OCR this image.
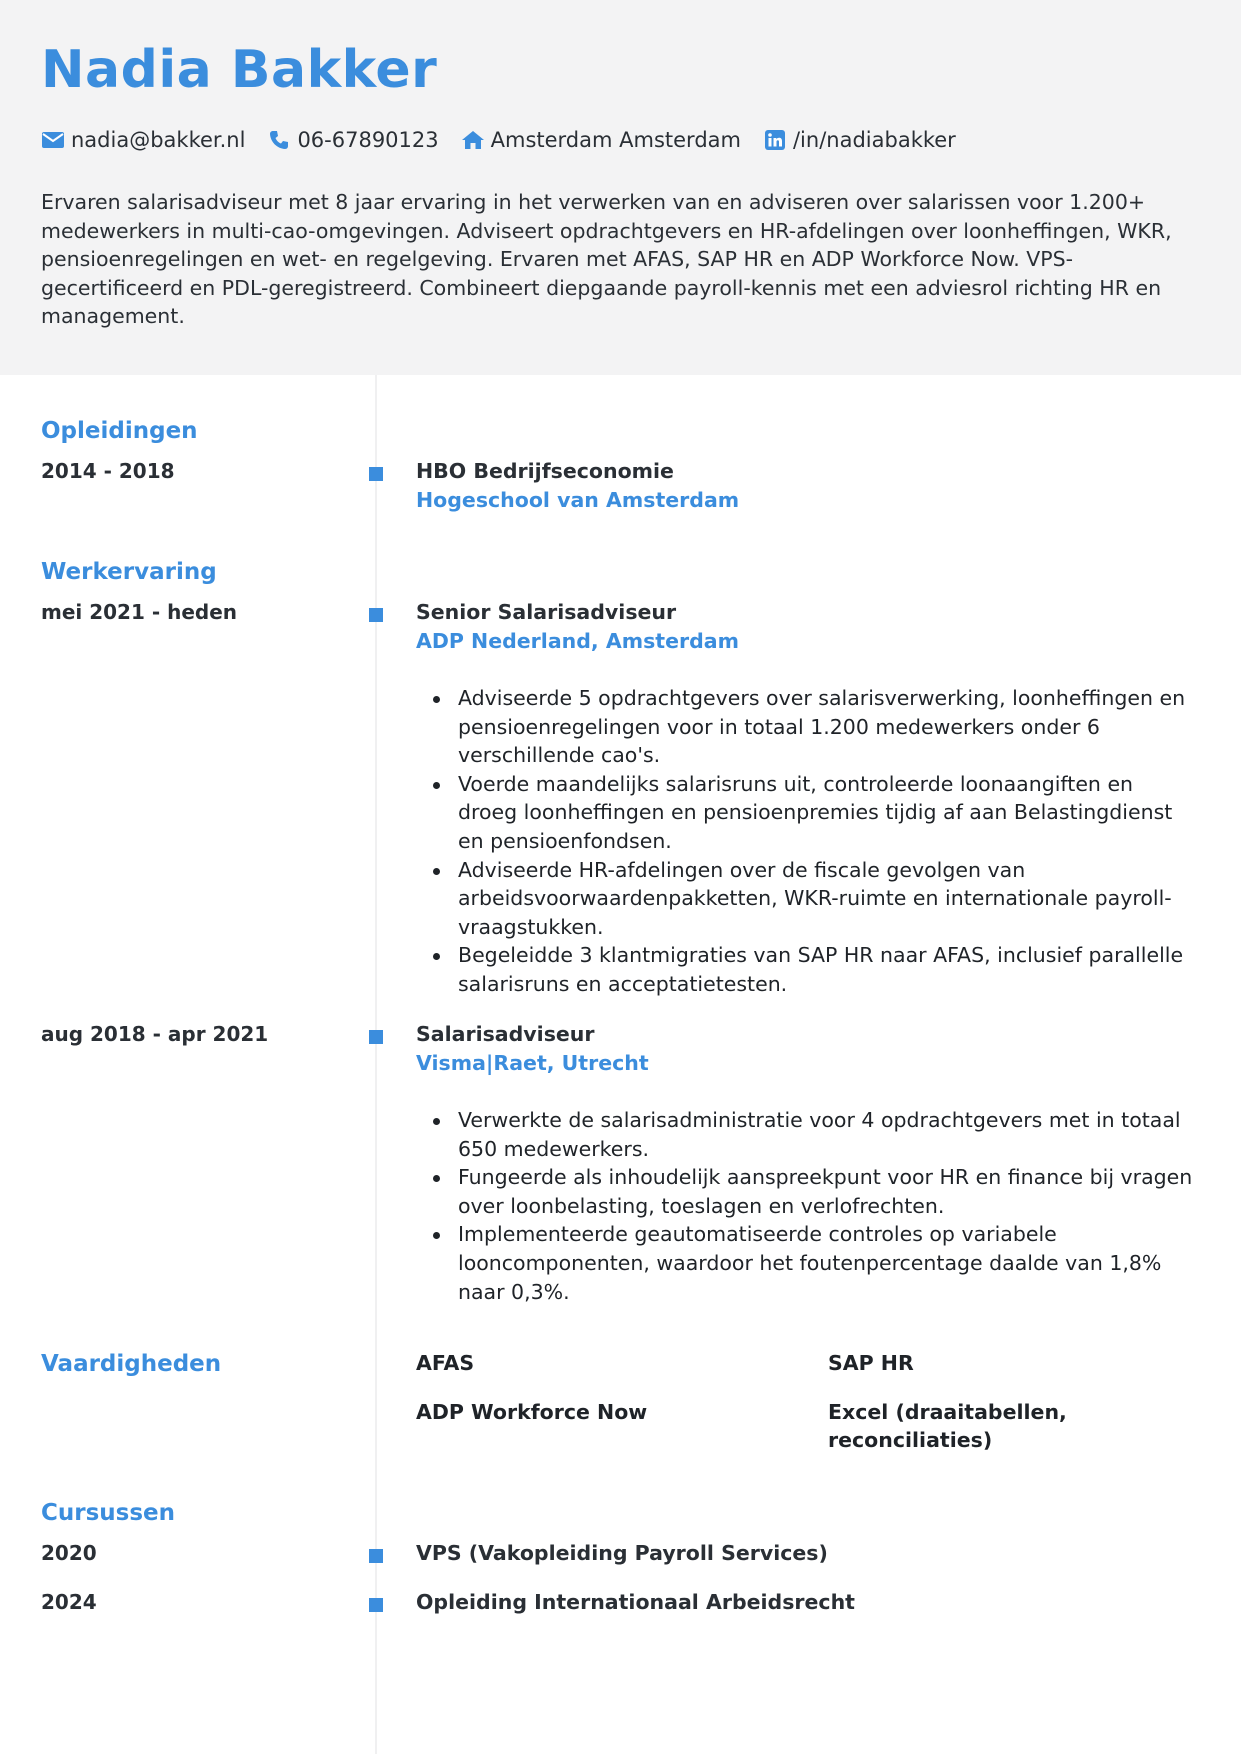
Nadia Bakker
nadia@bakker.nl 06-67890123 Amsterdam Amsterdam /in/nadiabakker
Ervaren salarisadviseur met 8 jaar ervaring in het verwerken van en adviseren over salarissen voor 1.200+ medewerkers in multi-cao-omgevingen. Adviseert opdrachtgevers en HR-afdelingen over loonheffingen, WKR, pensioenregelingen en wet- en regelgeving. Ervaren met AFAS, SAP HR en ADP Workforce Now. VPS-gecertificeerd en PDL-geregistreerd. Combineert diepgaande payroll-kennis met een adviesrol richting HR en management.
Opleidingen
2014 - 2018	HBO Bedrijfseconomie
Hogeschool van Amsterdam
Werkervaring
mei 2021 - heden	Senior Salarisadviseur
ADP Nederland, Amsterdam
Adviseerde 5 opdrachtgevers over salarisverwerking, loonheffingen en pensioenregelingen voor in totaal 1.200 medewerkers onder 6 verschillende cao's.
Voerde maandelijks salarisruns uit, controleerde loonaangiften en droeg loonheffingen en pensioenpremies tijdig af aan Belastingdienst en pensioenfondsen.
Adviseerde HR-afdelingen over de fiscale gevolgen van arbeidsvoorwaardenpakketten, WKR-ruimte en internationale payroll-vraagstukken.
Begeleidde 3 klantmigraties van SAP HR naar AFAS, inclusief parallelle salarisruns en acceptatietesten.
aug 2018 - apr 2021	Salarisadviseur
Visma|Raet, Utrecht
Verwerkte de salarisadministratie voor 4 opdrachtgevers met in totaal 650 medewerkers.
Fungeerde als inhoudelijk aanspreekpunt voor HR en finance bij vragen over loonbelasting, toeslagen en verlofrechten.
Implementeerde geautomatiseerde controles op variabele looncomponenten, waardoor het foutenpercentage daalde van 1,8% naar 0,3%.
Vaardigheden	AFAS	SAP HR
ADP Workforce Now	Excel (draaitabellen, reconciliaties)
Cursussen
2020	VPS (Vakopleiding Payroll Services)
2024	Opleiding Internationaal Arbeidsrecht
